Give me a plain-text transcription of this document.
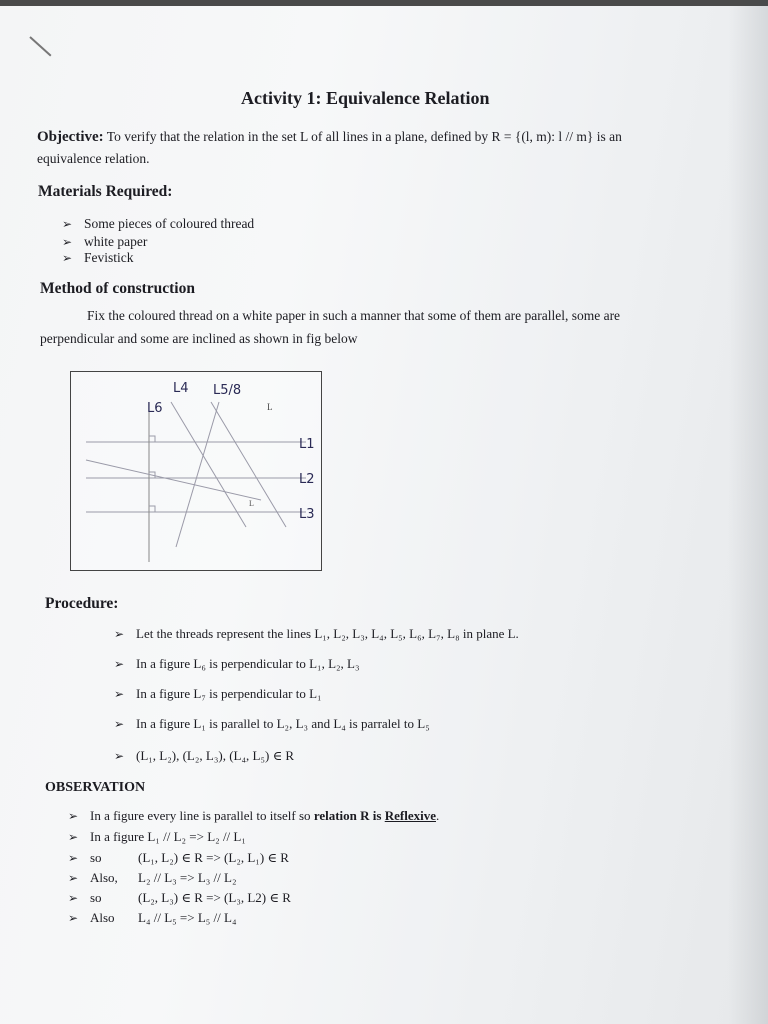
Activity 1: Equivalence Relation
Objective: To verify that the relation in the set L of all lines in a plane, defined by R = {(l, m): l // m} is an
equivalence relation.
Materials Required:
➢ Some pieces of coloured thread
➢ white paper
➢ Fevistick
Method of construction
Fix the coloured thread on a white paper in such a manner that some of them are parallel, some are
perpendicular and some are inclined as shown in fig below
L6
L4 L5/8
L
L1
L2
L3
L
Procedure:
➢ Let the threads represent the lines L₁, L₂, L₃, L₄, L₅, L₆, L₇, L₈ in plane L.
➢ In a figure L₆ is perpendicular to L₁, L₂, L₃
➢ In a figure L₇ is perpendicular to L₁
➢ In a figure L₁ is parallel to L₂, L₃ and L₄ is parralel to L₅
➢ (L₁, L₂), (L₂, L₃), (L₄, L₅) ∈ R
OBSERVATION
➢ In a figure every line is parallel to itself so relation R is Reflexive.
➢ In a figure L₁ // L₂ => L₂ // L₁
➢ so	(L₁, L₂) ∈ R => (L₂, L₁) ∈ R
➢ Also, L₂ // L₃ => L₃ // L₂
➢ so	(L₂, L₃) ∈ R => (L₃, L2) ∈ R
➢ Also L₄ // L₅ => L₅ // L₄
